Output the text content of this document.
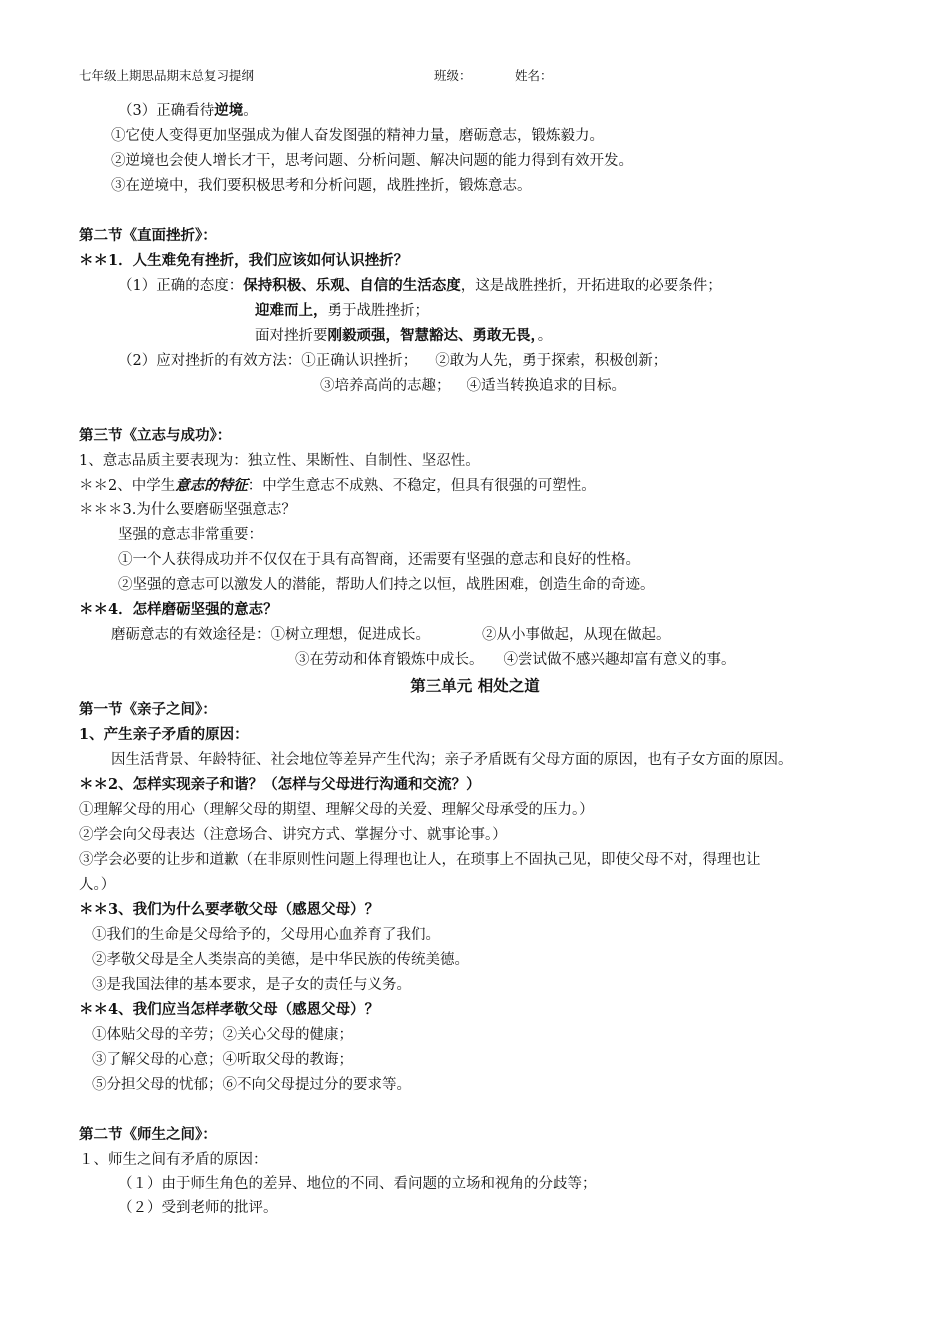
七年级上期思品期末总复习提纲	班级：	姓名：
（3）正确看待逆境。
①它使人变得更加坚强成为催人奋发图强的精神力量，磨砺意志，锻炼毅力。
②逆境也会使人增长才干，思考问题、分析问题、解决问题的能力得到有效开发。
③在逆境中，我们要积极思考和分析问题，战胜挫折，锻炼意志。
第二节《直面挫折》：
＊＊1．人生难免有挫折，我们应该如何认识挫折？
（1）正确的态度：保持积极、乐观、自信的生活态度，这是战胜挫折，开拓进取的必要条件；
迎难而上，勇于战胜挫折；
面对挫折要刚毅顽强，智慧豁达、勇敢无畏，。
（2）应对挫折的有效方法：①正确认识挫折； ②敢为人先，勇于探索，积极创新；
③培养高尚的志趣； ④适当转换追求的目标。
第三节《立志与成功》：
1、意志品质主要表现为：独立性、果断性、自制性、坚忍性。
＊＊2、中学生意志的特征：中学生意志不成熟、不稳定，但具有很强的可塑性。
＊＊＊3.为什么要磨砺坚强意志？
坚强的意志非常重要：
①一个人获得成功并不仅仅在于具有高智商，还需要有坚强的意志和良好的性格。
②坚强的意志可以激发人的潜能，帮助人们持之以恒，战胜困难，创造生命的奇迹。
＊＊4．怎样磨砺坚强的意志？
磨砺意志的有效途径是：①树立理想，促进成长。	②从小事做起，从现在做起。
③在劳动和体育锻炼中成长。 ④尝试做不感兴趣却富有意义的事。
第三单元 相处之道
第一节《亲子之间》：
1、产生亲子矛盾的原因：
因生活背景、年龄特征、社会地位等差异产生代沟；亲子矛盾既有父母方面的原因，也有子女方面的原因。
＊＊2、怎样实现亲子和谐？（怎样与父母进行沟通和交流？）
①理解父母的用心（理解父母的期望、理解父母的关爱、理解父母承受的压力。）
②学会向父母表达（注意场合、讲究方式、掌握分寸、就事论事。）
③学会必要的让步和道歉（在非原则性问题上得理也让人，在琐事上不固执己见，即使父母不对，得理也让
人。）
＊＊3、我们为什么要孝敬父母（感恩父母）？
①我们的生命是父母给予的，父母用心血养育了我们。
②孝敬父母是全人类崇高的美德，是中华民族的传统美德。
③是我国法律的基本要求，是子女的责任与义务。
＊＊4、我们应当怎样孝敬父母（感恩父母）？
①体贴父母的辛劳；②关心父母的健康；
③了解父母的心意；④听取父母的教诲；
⑤分担父母的忧郁；⑥不向父母提过分的要求等。
第二节《师生之间》：
１、师生之间有矛盾的原因：
（１）由于师生角色的差异、地位的不同、看问题的立场和视角的分歧等；
（２）受到老师的批评。
